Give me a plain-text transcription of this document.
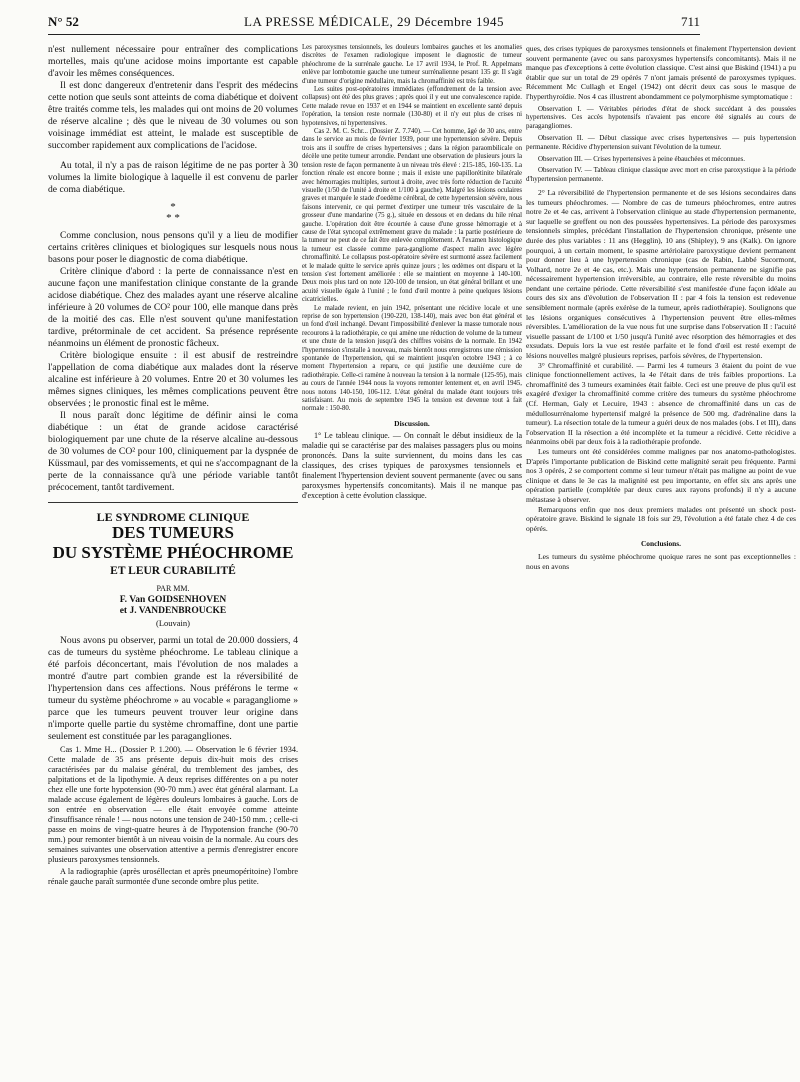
N° 52	LA PRESSE MÉDICALE, 29 Décembre 1945	711

n'est nullement nécessaire pour entraîner des complications mortelles, mais qu'une acidose moins importante est capable d'avoir les mêmes conséquences.

Il est donc dangereux d'entretenir dans l'esprit des médecins cette notion que seuls sont atteints de coma diabétique et doivent être traités comme tels, les malades qui ont moins de 20 volumes de réserve alcaline ; dès que le niveau de 30 volumes ou son voisinage immédiat est atteint, le malade est susceptible de succomber rapidement aux complications de l'acidose.

Au total, il n'y a pas de raison légitime de ne pas porter à 30 volumes la limite biologique à laquelle il est convenu de parler de coma diabétique.

*
* *

Comme conclusion, nous pensons qu'il y a lieu de modifier certains critères cliniques et biologiques sur lesquels nous nous basons pour poser le diagnostic de coma diabétique.

Critère clinique d'abord : la perte de connaissance n'est en aucune façon une manifestation clinique constante de la grande acidose diabétique. Chez des malades ayant une réserve alcaline inférieure à 20 volumes de CO² pour 100, elle manque dans près de la moitié des cas. Elle n'est souvent qu'une manifestation tardive, prétorminale de cet accident. Sa présence représente néanmoins un élément de pronostic fâcheux.

Critère biologique ensuite : il est abusif de restreindre l'appellation de coma diabétique aux malades dont la réserve alcaline est inférieure à 20 volumes. Entre 20 et 30 volumes les mêmes signes cliniques, les mêmes complications peuvent être observées ; le pronostic final est le même.

Il nous paraît donc légitime de définir ainsi le coma diabétique : un état de grande acidose caractérisé biologiquement par une chute de la réserve alcaline au-dessous de 30 volumes de CO² pour 100, cliniquement par la dyspnée de Küssmaul, par des vomissements, et qui ne s'accompagnant de la perte de la connaissance qu'à une période variable tantôt précocement, tantôt tardivement.

LE SYNDROME CLINIQUE
DES TUMEURS
DU SYSTÈME PHÉOCHROME
ET LEUR CURABILITÉ
PAR MM.
F. Van GOIDSENHOVEN
et J. VANDENBROUCKE
(Louvain)

Nous avons pu observer, parmi un total de 20.000 dossiers, 4 cas de tumeurs du système phéochrome. Le tableau clinique a été parfois déconcertant, mais l'évolution de nos malades a montré d'autre part combien grande est la réversibilité de l'hypertension dans ces affections. Nous préférons le terme « tumeur du système phéochrome » au vocable « paragangliome » parce que les tumeurs peuvent trouver leur origine dans n'importe quelle partie du système chromaffine, dont une partie seulement est constituée par les paragangliones.

Cas 1. Mme H... (Dossier P. 1.200). — Observation le 6 février 1934. Cette malade de 35 ans présente depuis dix-huit mois des crises caractérisées par du malaise général, du tremblement des jambes, des palpitations et de la lipothymie. A deux reprises différentes on a pu noter chez elle une forte hypotension (90-70 mm.) avec état général alarmant. La malade accuse également de légères douleurs lombaires à gauche. Lors de son entrée en observation — elle était envoyée comme atteinte d'insuffisance rénale ! — nous notons une tension de 240-150 mm. ; celle-ci passe en moins de vingt-quatre heures à de l'hypotension franche (90-70 mm.) pour remonter bientôt à un niveau voisin de la normale. Au cours des semaines suivantes une observation attentive a permis d'enregistrer encore plusieurs paroxysmes tensionnels.

A la radiographie (après uroséllectan et après pneumopéritoine) l'ombre rénale gauche paraît surmontée d'une seconde ombre plus petite.

Les paroxysmes tensionnels, les douleurs lombaires gauches et les anomalies discrètes de l'examen radiologique imposent le diagnostic de tumeur phéochrome de la surrénale gauche. Le 17 avril 1934, le Prof. R. Appelmans enlève par lombotomie gauche une tumeur surrénalienne pesant 135 gr. Il s'agit d'une tumeur d'origine médullaire, mais la chromaffinité est très faible.

Les suites post-opératoires immédiates (effondrement de la tension avec collapsus) ont été des plus graves ; après quoi il y eut une convalescence rapide. Cette malade revue en 1937 et en 1944 se maintient en excellente santé depuis l'opération, la tension reste normale (130-80) et il n'y eut plus de crises ni hypotensives, ni hypertensives.

Cas 2. M. C. Schr... (Dossier Z. 7.740). — Cet homme, âgé de 30 ans, entre dans le service au mois de février 1939, pour une hypertension sévère. Depuis trois ans il souffre de crises hypertensives ; dans la région paraombilicale on décèle une petite tumeur arrondie. Pendant une observation de plusieurs jours la tension reste de façon permanente à un niveau très élevé : 215-185, 160-135. La fonction rénale est encore bonne ; mais il existe une papillorétinite bilatérale avec hémorragies multiples, surtout à droite, avec très forte réduction de l'acuité visuelle (1/50 de l'unité à droite et 1/100 à gauche). Malgré les lésions oculaires graves et marquée le stade d'oedème cérébral, de cette hypertension sévère, nous faisons intervenir, ce qui permet d'extirper une tumeur très vasculaire de la grosseur d'une mandarine (75 g.), située en dessous et en dedans du hile rénal gauche. L'opération doit être écourtée à cause d'une grosse hémorragie et à cause de l'état syncopal extrêmement grave du malade : la partie postérieure de la tumeur ne peut de ce fait être enlevée complètement. A l'examen histologique la tumeur est classée comme para-gangliome d'aspect malin avec légère chromaffinité. Le collapsus post-opératoire sévère est surmonté assez facilement et le malade quitte le service après quinze jours ; les œdèmes ont disparu et la tension s'est fortement améliorée : elle se maintient en moyenne à 140-100. Deux mois plus tard on note 120-100 de tension, un état général brillant et une acuité visuelle égale à l'unité ; le fond d'œil montre à peine quelques lésions cicatricielles.

Le malade revient, en juin 1942, présentant une récidive locale et une reprise de son hypertension (190-220, 138-140), mais avec bon état général et un fond d'œil inchangé. Devant l'impossibilité d'enlever la masse tumorale nous recourons à la radiothérapie, ce qui amène une réduction de volume de la tumeur et une chute de la tension jusqu'à des chiffres voisins de la normale. En 1942 l'hypertension s'installe à nouveau, mais bientôt nous enregistrons une rémission spontanée de l'hypertension, qui se maintient jusqu'en octobre 1943 ; à ce moment l'hypertension a reparu, ce qui justifie une deuxième cure de radiothérapie. Celle-ci ramène à nouveau la tension à la normale (125-95), mais au cours de l'année 1944 nous la voyons remonter lentement et, en avril 1945, nous notons 140-150, 106-112. L'état général du malade étant toujours très satisfaisant. Au mois de septembre 1945 la tension est devenue tout à fait normale : 150-80.

Discussion.

1° Le tableau clinique. — On connaît le début insidieux de la maladie qui se caractérise par des malaises passagers plus ou moins prononcés. Dans la suite surviennent, du moins dans les cas classiques, des crises typiques de paroxysmes tensionnels et finalement l'hypertension devient souvent permanente (avec ou sans paroxysmes hypertensifs concomitants). Mais il ne manque pas d'exception à cette évolution classique.

ques, des crises typiques de paroxysmes tensionnels et finalement l'hypertension devient souvent permanente (avec ou sans paroxysmes hypertensifs concomitants). Mais il ne manque pas d'exceptions à cette évolution classique. C'est ainsi que Biskind (1941) a pu établir que sur un total de 29 opérés 7 n'ont jamais présenté de paroxysmes typiques. Récemment Mc Cullagh et Engel (1942) ont décrit deux cas sous le masque de l'hyperthyroïdie. Nos 4 cas illustrent abondamment ce polymorphisme symptomatique :

Observation I. — Véritables périodes d'état de shock succédant à des poussées hypertensives. Ces accès hypotensifs n'avaient pas encore été signalés au cours de paragangliomes.

Observation II. — Début classique avec crises hypertensives — puis hypertension permanente. Récidive d'hypertension suivant l'évolution de la tumeur.

Observation III. — Crises hypertensives à peine ébauchées et méconnues.

Observation IV. — Tableau clinique classique avec mort en crise paroxystique à la période d'hypertension permanente.

2° La réversibilité de l'hypertension permanente et de ses lésions secondaires dans les tumeurs phéochromes. — Nombre de cas de tumeurs phéochromes, entre autres notre 2e et 4e cas, arrivent à l'observation clinique au stade d'hypertension permanente, sur laquelle se greffent ou non des poussées hypertensives. La période des paroxysmes tensionnels simples, précédant l'installation de l'hypertension chronique, présente une durée des plus variables : 11 ans (Hegglin), 10 ans (Shipley), 9 ans (Kalk). On ignore pourquoi, à un certain moment, le spasme artériolaire paroxystique devient permanent pour donner lieu à une hypertension chronique (cas de Rabin, Labbé Sucormont, Volhard, notre 2e et 4e cas, etc.). Mais une hypertension permanente ne signifie pas nécessairement hypertension irréversible, au contraire, elle reste réversible du moins pendant une certaine période. Cette réversibilité s'est manifestée d'une façon idéale au cours des six ans d'évolution de l'observation II : par 4 fois la tension est redevenue sensiblement normale (après exérèse de la tumeur, après radiothérapie). Soulignons que les lésions organiques consécutives à l'hypertension peuvent être elles-mêmes réversibles. L'amélioration de la vue nous fut une surprise dans l'observation II : l'acuité visuelle passant de 1/100 et 1/50 jusqu'à l'unité avec résorption des hémorragies et des exsudats. Depuis lors la vue est restée parfaite et le fond d'œil est resté exempt de lésions nouvelles malgré plusieurs reprises, parfois sévères, de l'hypertension.

3° Chromaffinité et curabilité. — Parmi les 4 tumeurs 3 étaient du point de vue clinique fonctionnellement actives, la 4e l'était dans de très faibles proportions. La chromaffinité des 3 tumeurs examinées était faible. Ceci est une preuve de plus qu'il est exagéré d'exiger la chromaffinité comme critère des tumeurs du système phéochrome (Cf. Herman, Galy et Lecuire, 1943 : absence de chromaffinité dans un cas de médullosurrénalome hypertensif malgré la présence de 500 mg. d'adrénaline dans la tumeur). La résection totale de la tumeur a guéri deux de nos malades (obs. I et III), dans l'observation II la résection a été incomplète et la tumeur a récidivé. Cette récidive a néanmoins obéi par deux fois à la radiothérapie profonde.

Les tumeurs ont été considérées comme malignes par nos anatomo-pathologistes. D'après l'importante publication de Biskind cette malignité serait peu fréquente. Parmi nos 3 opérés, 2 se comportent comme si leur tumeur n'était pas maligne au point de vue clinique et dans le 3e cas la malignité est peu importante, en effet six ans après une opération partielle (complétée par deux cures aux rayons profonds) il n'y a aucune métastase à observer.

Remarquons enfin que nos deux premiers malades ont présenté un shock post-opératoire grave. Biskind le signale 18 fois sur 29, l'évolution a été fatale chez 4 de ces opérés.

Conclusions.

Les tumeurs du système phéochrome quoique rares ne sont pas exceptionnelles : nous en avons
